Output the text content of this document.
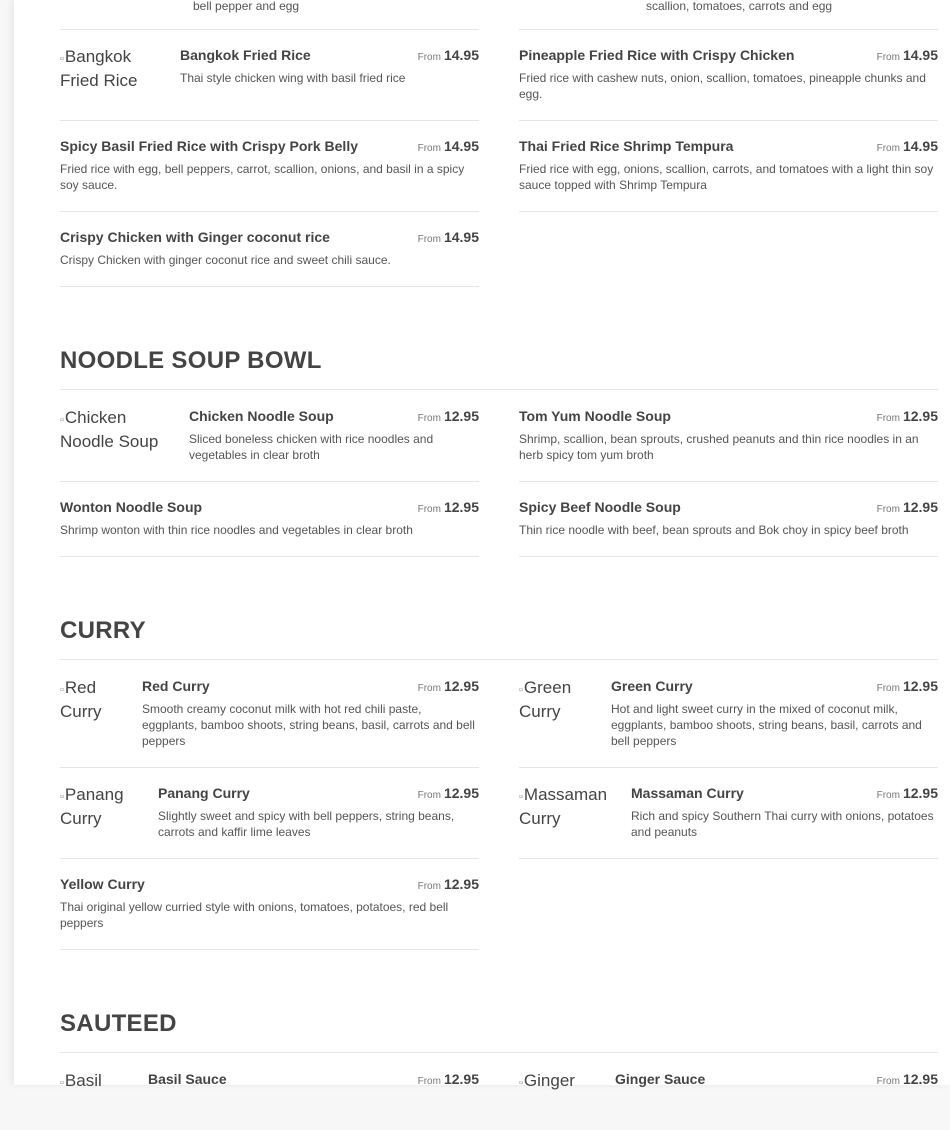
bell pepper and egg	scallion, tomatoes, carrots and egg
▫Bangkok Fried Rice
Bangkok Fried Rice	From 14.95
Thai style chicken wing with basil fried rice
Pineapple Fried Rice with Crispy Chicken	From 14.95
Fried rice with cashew nuts, onion, scallion, tomatoes, pineapple chunks and egg.
Spicy Basil Fried Rice with Crispy Pork Belly	From 14.95
Fried rice with egg, bell peppers, carrot, scallion, onions, and basil in a spicy soy sauce.
Thai Fried Rice Shrimp Tempura	From 14.95
Fried rice with egg, onions, scallion, carrots, and tomatoes with a light thin soy sauce topped with Shrimp Tempura
Crispy Chicken with Ginger coconut rice	From 14.95
Crispy Chicken with ginger coconut rice and sweet chili sauce.
NOODLE SOUP BOWL
▫Chicken Noodle Soup
Chicken Noodle Soup	From 12.95
Sliced boneless chicken with rice noodles and vegetables in clear broth
Tom Yum Noodle Soup	From 12.95
Shrimp, scallion, bean sprouts, crushed peanuts and thin rice noodles in an herb spicy tom yum broth
Wonton Noodle Soup	From 12.95
Shrimp wonton with thin rice noodles and vegetables in clear broth
Spicy Beef Noodle Soup	From 12.95
Thin rice noodle with beef, bean sprouts and Bok choy in spicy beef broth
CURRY
▫Red Curry
Red Curry	From 12.95
Smooth creamy coconut milk with hot red chili paste, eggplants, bamboo shoots, string beans, basil, carrots and bell peppers
▫Green Curry
Green Curry	From 12.95
Hot and light sweet curry in the mixed of coconut milk, eggplants, bamboo shoots, string beans, basil, carrots and bell peppers
▫Panang Curry
Panang Curry	From 12.95
Slightly sweet and spicy with bell peppers, string beans, carrots and kaffir lime leaves
▫Massaman Curry
Massaman Curry	From 12.95
Rich and spicy Southern Thai curry with onions, potatoes and peanuts
Yellow Curry	From 12.95
Thai original yellow curried style with onions, tomatoes, potatoes, red bell peppers
SAUTEED
▫Basil	Basil Sauce	From 12.95	▫Ginger	Ginger Sauce	From 12.95
